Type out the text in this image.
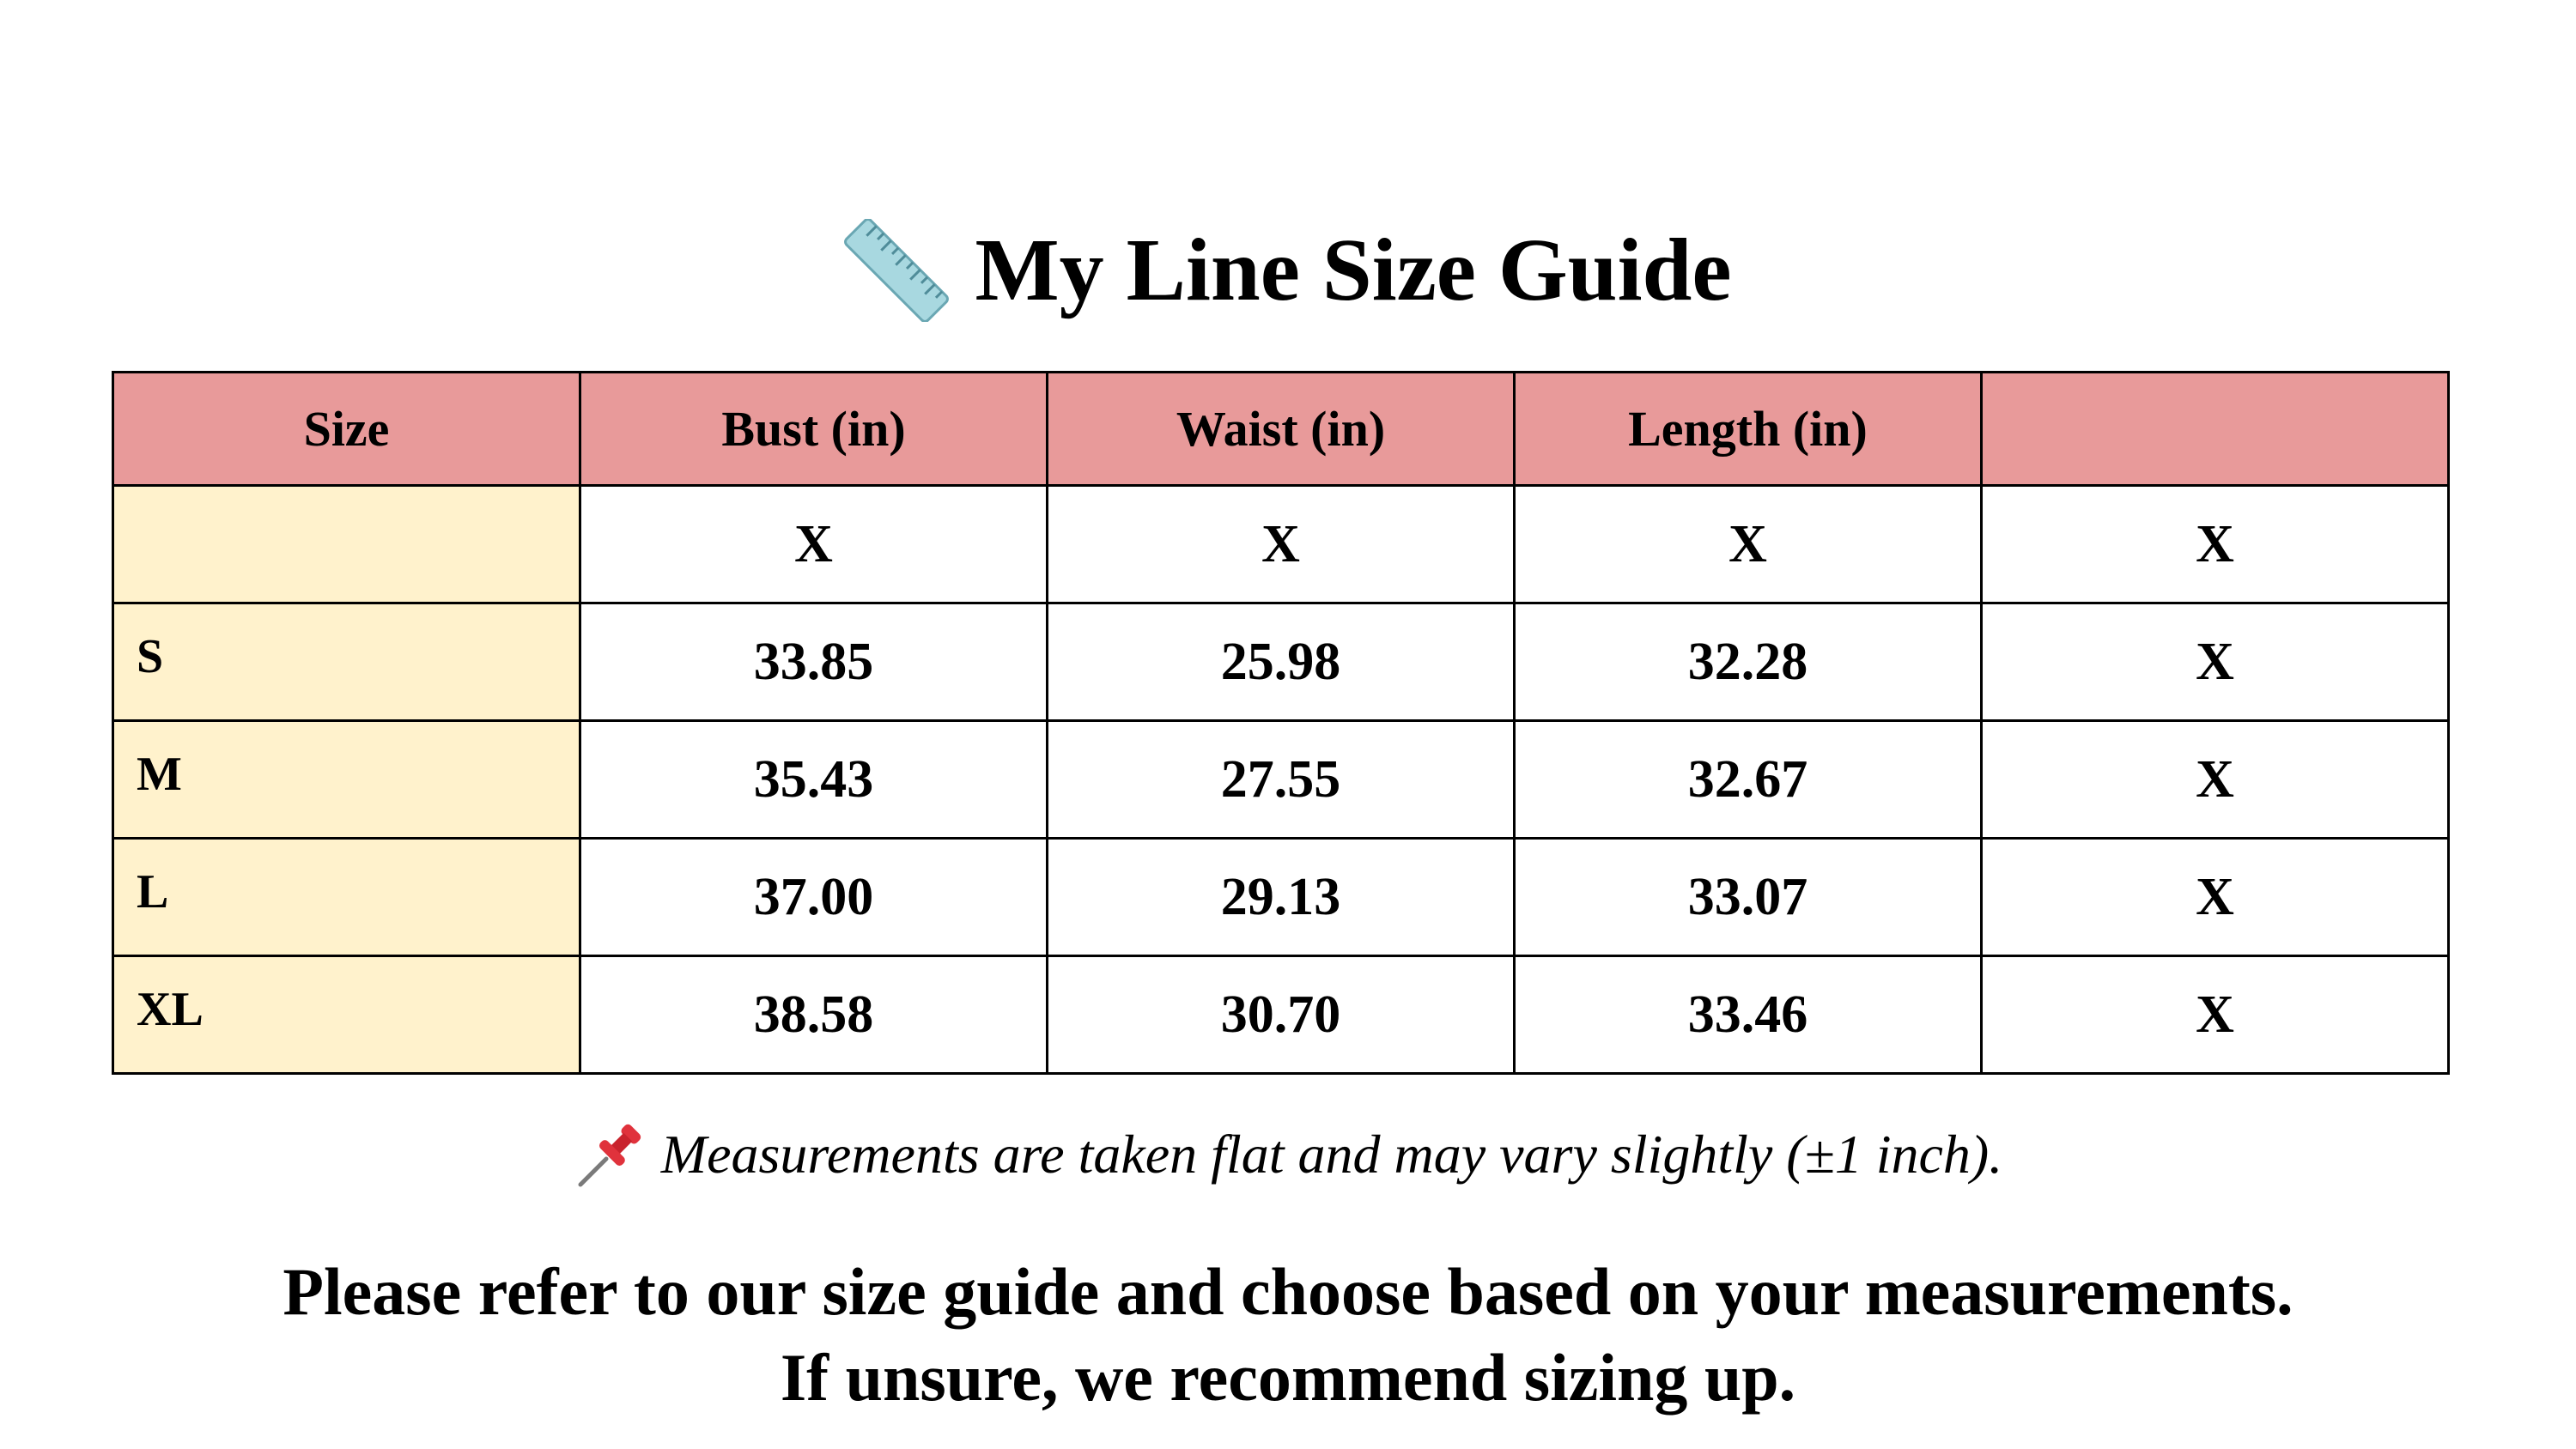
My Line Size Guide
Size	Bust (in)	Waist (in)	Length (in)	
	X	X	X	X
S	33.85	25.98	32.28	X
M	35.43	27.55	32.67	X
L	37.00	29.13	33.07	X
XL	38.58	30.70	33.46	X
Measurements are taken flat and may vary slightly (±1 inch).
Please refer to our size guide and choose based on your measurements.
If unsure, we recommend sizing up.
